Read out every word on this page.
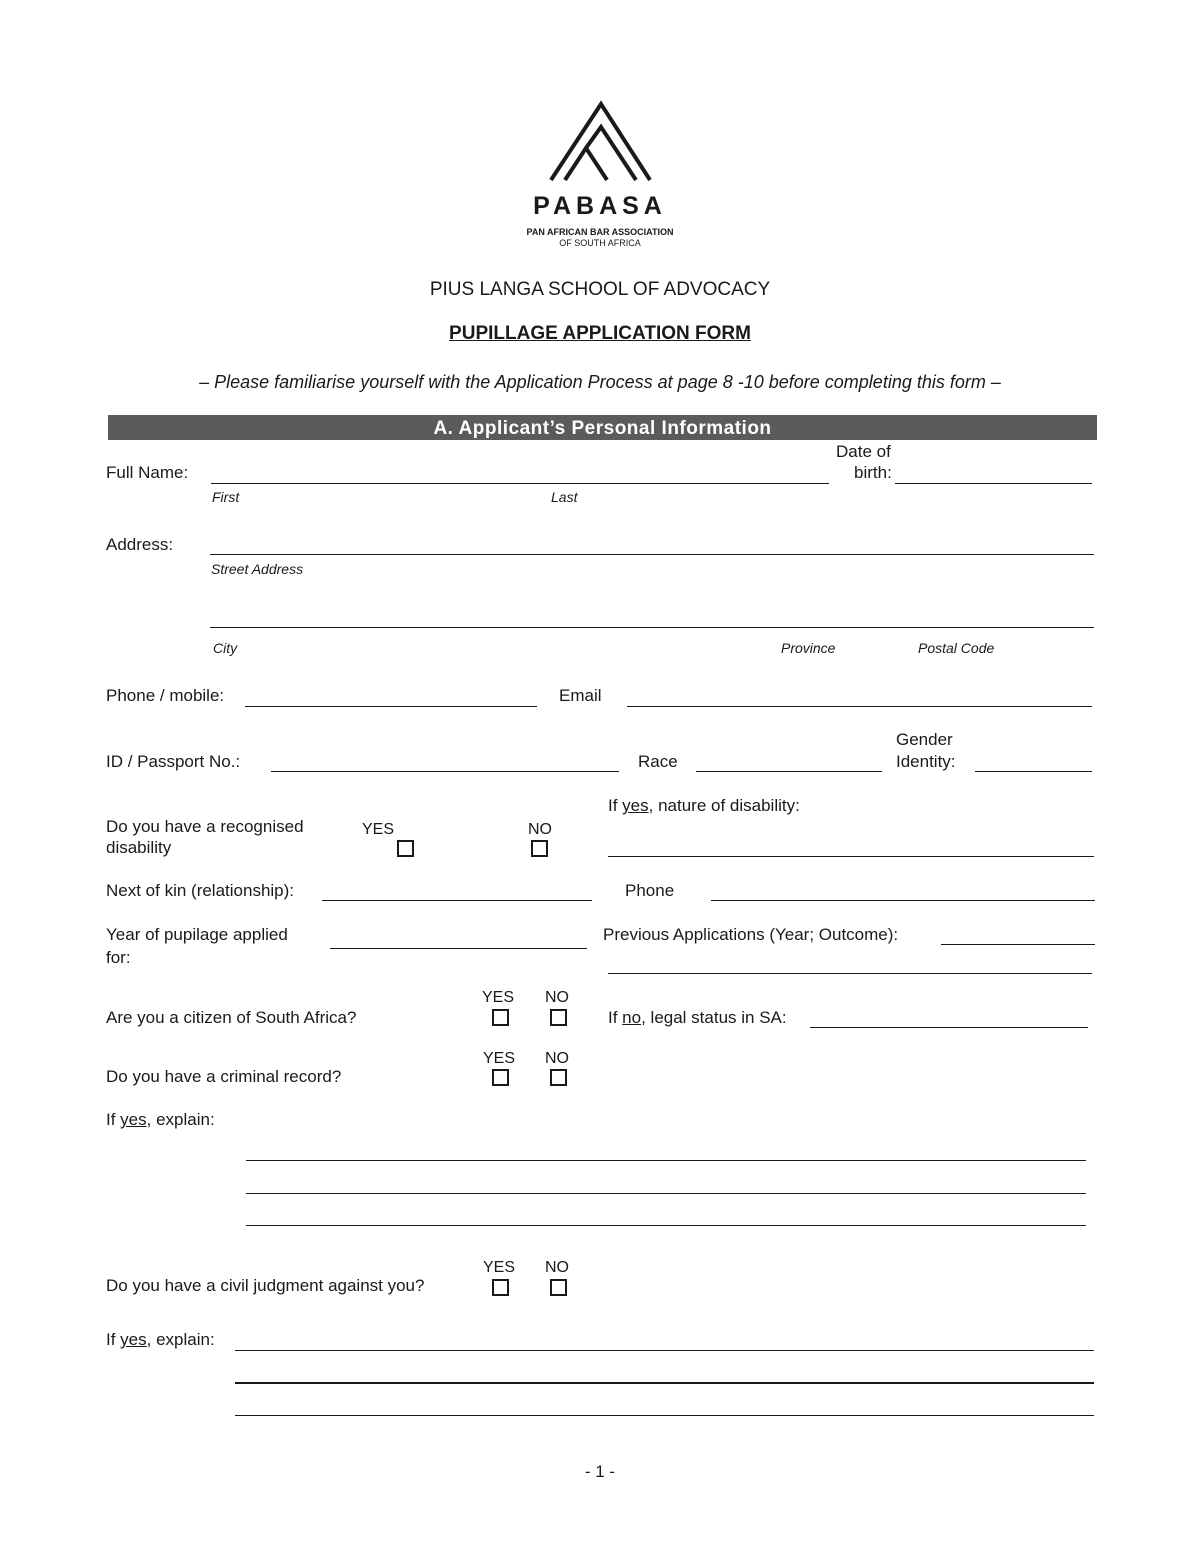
PABASA
PAN AFRICAN BAR ASSOCIATION
OF SOUTH AFRICA
PIUS LANGA SCHOOL OF ADVOCACY
PUPILLAGE APPLICATION FORM
– Please familiarise yourself with the Application Process at page 8 -10 before completing this form –
A. Applicant’s Personal Information
Full Name:
First	Last
Date of
birth:
Address:
Street Address
City	Province	Postal Code
Phone / mobile:	Email
ID / Passport No.:	Race
Gender
Identity:
Do you have a recognised
disability
YES	NO
If yes, nature of disability:
Next of kin (relationship):	Phone
Year of pupilage applied
for:
Previous Applications (Year; Outcome):
Are you a citizen of South Africa?
YES NO
If no, legal status in SA:
Do you have a criminal record?
YES NO
If yes, explain:
Do you have a civil judgment against you?
YES NO
If yes, explain:
- 1 -
